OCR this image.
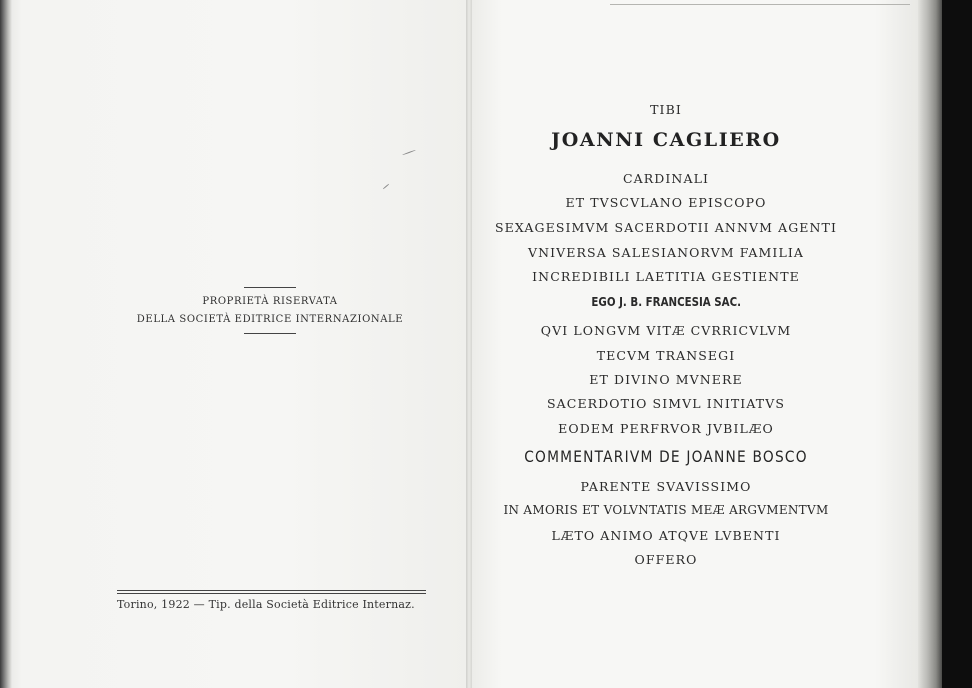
PROPRIETÀ RISERVATA
DELLA SOCIETÀ EDITRICE INTERNAZIONALE
Torino, 1922 — Tip. della Società Editrice Internaz.
TIBI
JOANNI CAGLIERO
CARDINALI
ET TVSCVLANO EPISCOPO
SEXAGESIMVM SACERDOTII ANNVM AGENTI
VNIVERSA SALESIANORVM FAMILIA
INCREDIBILI LAETITIA GESTIENTE
EGO J. B. FRANCESIA SAC.
QVI LONGVM VITÆ CVRRICVLVM
TECVM TRANSEGI
ET DIVINO MVNERE
SACERDOTIO SIMVL INITIATVS
EODEM PERFRVOR JVBILÆO
COMMENTARIVM DE JOANNE BOSCO
PARENTE SVAVISSIMO
IN AMORIS ET VOLVNTATIS MEÆ ARGVMENTVM
LÆTO ANIMO ATQVE LVBENTI
OFFERO
